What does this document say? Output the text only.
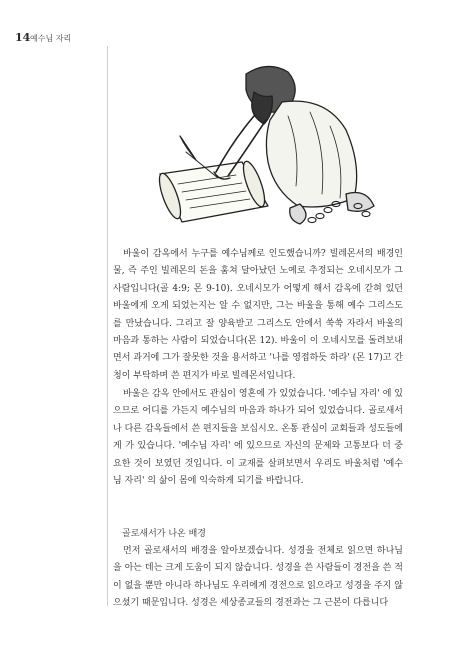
14 예수님 자리

바울이 감옥에서 누구를 예수님께로 인도했습니까? 빌레몬서의 배경인물, 즉 주인 빌레몬의 돈을 훔쳐 달아났던 노예로 추정되는 오네시모가 그 사람입니다(골 4:9; 몬 9-10). 오네시모가 어떻게 해서 감옥에 갇혀 있던 바울에게 오게 되었는지는 알 수 없지만, 그는 바울을 통해 예수 그리스도를 만났습니다. 그리고 잘 양육받고 그리스도 안에서 쑥쑥 자라서 바울의 마음과 통하는 사람이 되었습니다(몬 12). 바울이 이 오네시모를 돌려보내면서 과거에 그가 잘못한 것을 용서하고 '나를 영접하듯 하라' (몬 17)고 간청이 부탁하며 쓴 편지가 바로 빌레몬서입니다.

바울은 감옥 안에서도 관심이 영혼에 가 있었습니다. '예수님 자리' 에 있으므로 어디를 가든지 예수님의 마음과 하나가 되어 있었습니다. 골로새서나 다른 감옥들에서 쓴 편지들을 보십시오. 온통 관심이 교회들과 성도들에게 가 있습니다. '예수님 자리' 에 있으므로 자신의 문제와 고통보다 더 중요한 것이 보였던 것입니다. 이 교재를 살펴보면서 우리도 바울처럼 '예수님 자리' 의 삶이 몸에 익숙하게 되기를 바랍니다.

골로새서가 나온 배경

먼저 골로새서의 배경을 알아보겠습니다. 성경을 전체로 읽으면 하나님을 아는 데는 크게 도움이 되지 않습니다. 성경을 쓴 사람들이 경전을 쓴 적이 없을 뿐만 아니라 하나님도 우리에게 경전으로 읽으라고 성경을 주지 않으셨기 때문입니다. 성경은 세상종교들의 경전과는 그 근본이 다릅니다
